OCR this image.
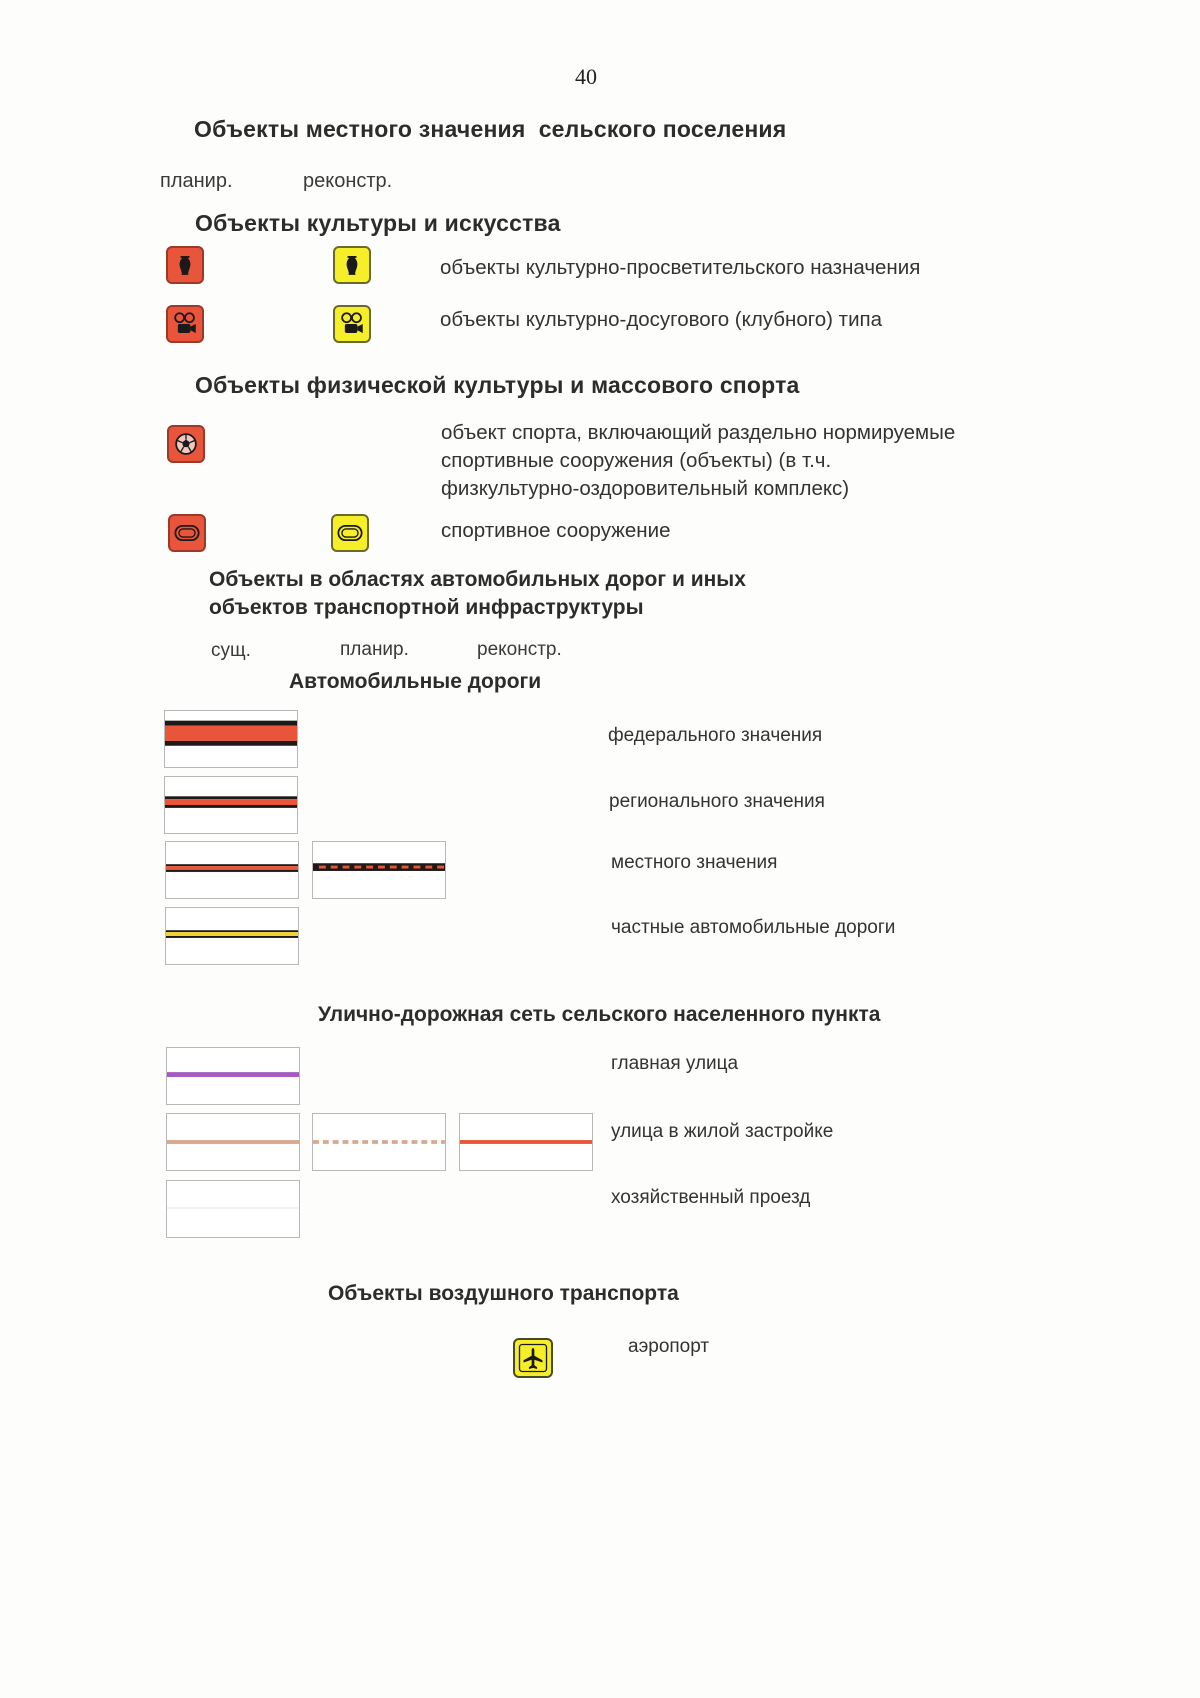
40
Объекты местного значения  сельского поселения
планир.	реконстр.
Объекты культуры и искусства
объекты культурно-просветительского назначения
объекты культурно-досугового (клубного) типа
Объекты физической культуры и массового спорта
объект спорта, включающий раздельно нормируемые
спортивные сооружения (объекты) (в т.ч.
физкультурно-оздоровительный комплекс)
спортивное сооружение
Объекты в областях автомобильных дорог и иных
объектов транспортной инфраструктуры
сущ.	планир.	реконстр.
Автомобильные дороги
федерального значения
регионального значения
местного значения
частные автомобильные дороги
Улично-дорожная сеть сельского населенного пункта
главная улица
улица в жилой застройке
хозяйственный проезд
Объекты воздушного транспорта
аэропорт
